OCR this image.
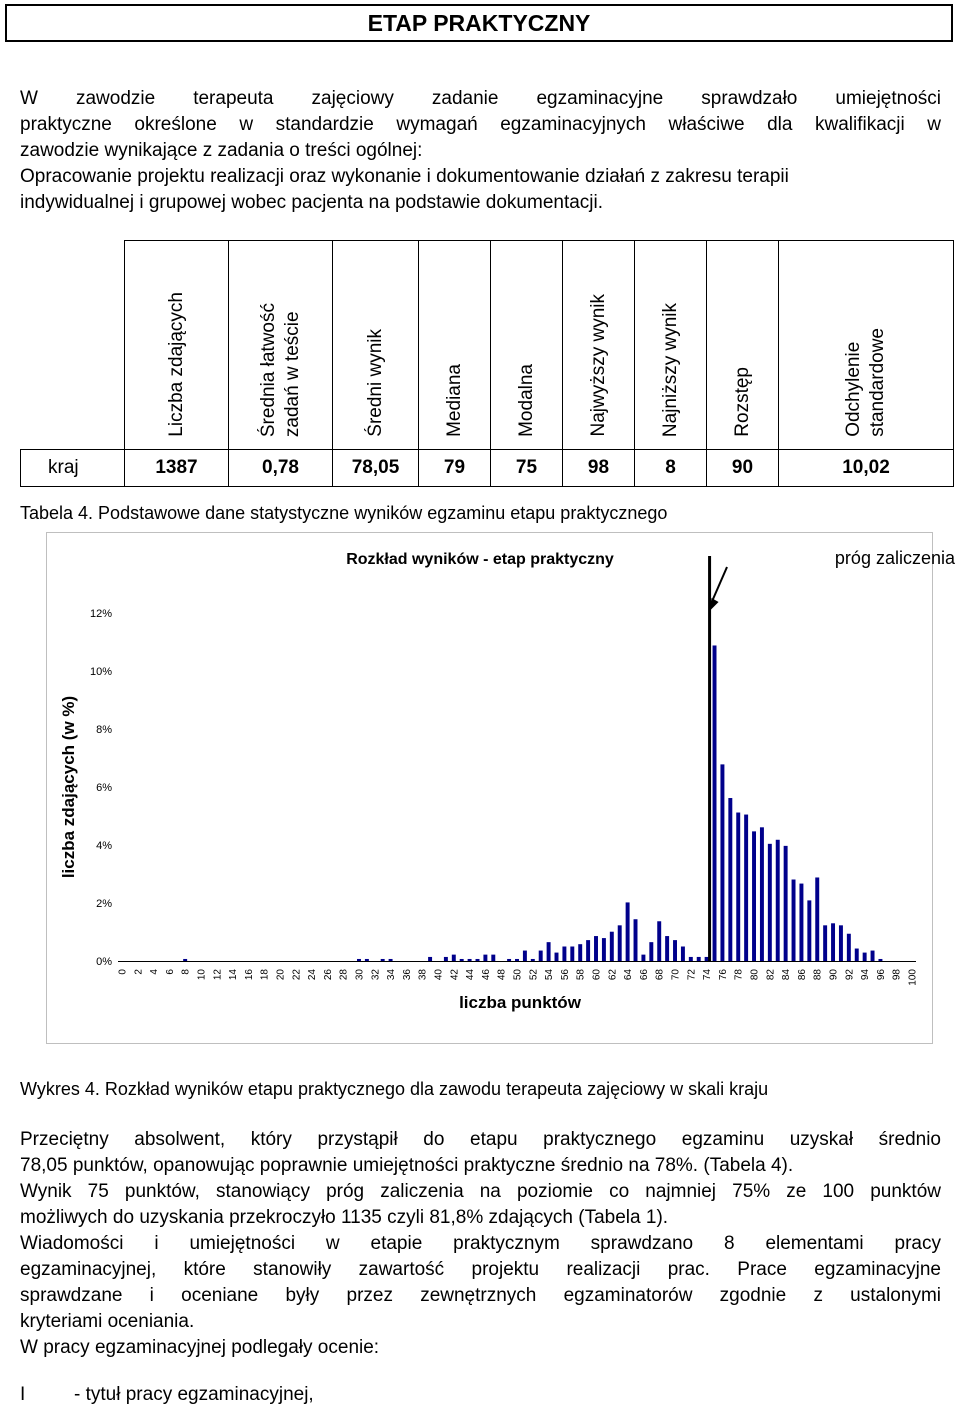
ETAP PRAKTYCZNY

W zawodzie terapeuta zajęciowy zadanie egzaminacyjne sprawdzało umiejętności
praktyczne określone w standardzie wymagań egzaminacyjnych właściwe dla kwalifikacji w
zawodzie wynikające z zadania o treści ogólnej:
Opracowanie projektu realizacji oraz wykonanie i dokumentowanie działań z zakresu terapii
indywidualnej i grupowej wobec pacjenta na podstawie dokumentacji.

	Liczba zdających	Średnia łatwość
zadań w teście	Średni wynik	Mediana	Modalna	Najwyższy wynik	Najniższy wynik	Rozstęp	Odchylenie
standardowe
kraj	1387	0,78	78,05	79	75	98	8	90	10,02
Tabela 4. Podstawowe dane statystyczne wyników egzaminu etapu praktycznego
Rozkład wyników - etap praktyczny	próg zaliczenia
0%
2%
4%
6%
8%
10%
12%
liczba zdających (w %)
0 2 4 6 8 10 12 14 16 18 20 22 24 26 28 30 32 34 36 38 40 42 44 46 48 50 52 54 56 58 60 62 64 66 68 70 72 74 76 78 80 82 84 86 88 90 92 94 96 98 100
liczba punktów
Wykres 4. Rozkład wyników etapu praktycznego dla zawodu terapeuta zajęciowy w skali kraju
Przeciętny absolwent, który przystąpił do etapu praktycznego egzaminu uzyskał średnio
78,05 punktów, opanowując poprawnie umiejętności praktyczne średnio na 78%. (Tabela 4).
Wynik 75 punktów, stanowiący próg zaliczenia na poziomie co najmniej 75% ze 100 punktów
możliwych do uzyskania przekroczyło 1135 czyli 81,8% zdających (Tabela 1).
Wiadomości i umiejętności w etapie praktycznym sprawdzano 8 elementami pracy
egzaminacyjnej, które stanowiły zawartość projektu realizacji prac. Prace egzaminacyjne
sprawdzane i oceniane były przez zewnętrznych egzaminatorów zgodnie z ustalonymi
kryteriami oceniania.
W pracy egzaminacyjnej podlegały ocenie:
I	- tytuł pracy egzaminacyjnej,
